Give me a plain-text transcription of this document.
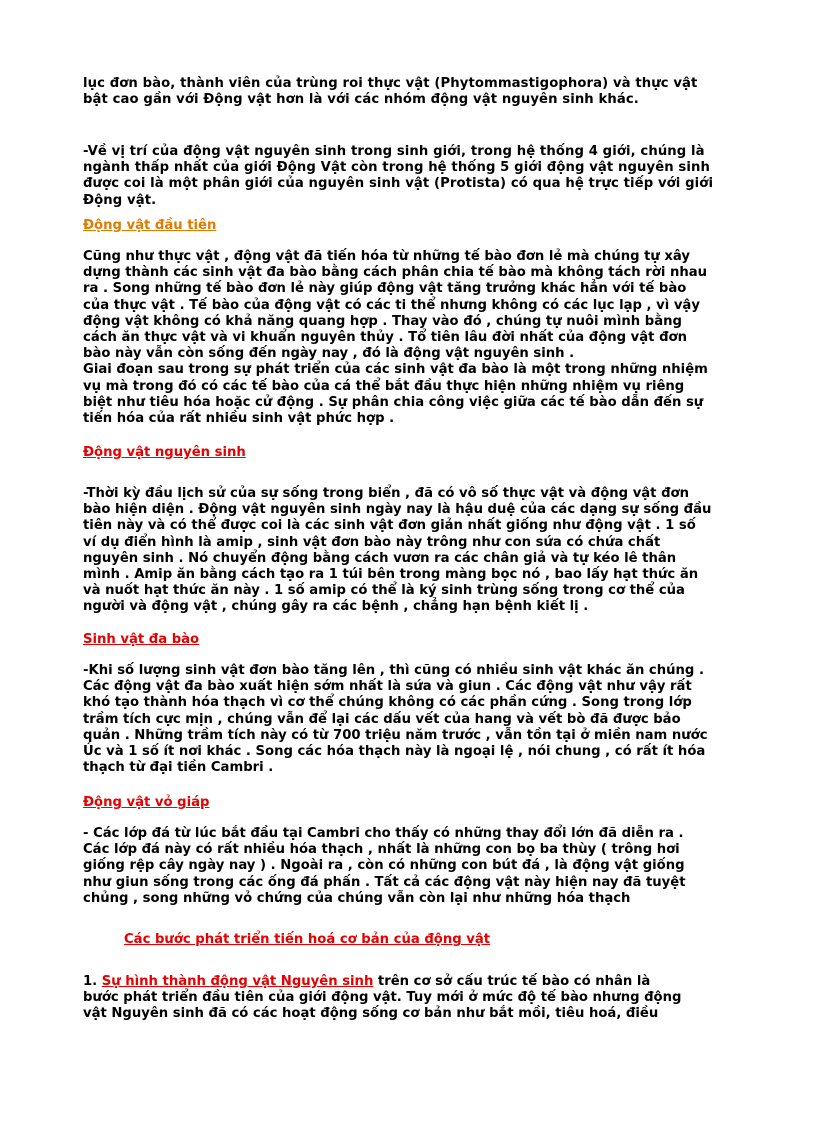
lục đơn bào, thành viên của trùng roi thực vật (Phytommastigophora) và thực vật
bật cao gần với Động vật hơn là với các nhóm động vật nguyên sinh khác.

-Về vị trí của động vật nguyên sinh trong sinh giới, trong hệ thống 4 giới, chúng là
ngành thấp nhất của giới Động Vật còn trong hệ thống 5 giới động vật nguyên sinh
được coi là một phân giới của nguyên sinh vật (Protista) có qua hệ trực tiếp với giới
Động vật.

Động vật đầu tiên

Cũng như thực vật , động vật đã tiến hóa từ những tế bào đơn lẻ mà chúng tự xây
dựng thành các sinh vật đa bào bằng cách phân chia tế bào mà không tách rời nhau
ra . Song những tế bào đơn lẻ này giúp động vật tăng trưởng khác hẳn với tế bào
của thực vật . Tế bào của động vật có các ti thể nhưng không có các lục lạp , vì vậy
động vật không có khả năng quang hợp . Thay vào đó , chúng tự nuôi mình bằng
cách ăn thực vật và vi khuẩn nguyên thủy . Tổ tiên lâu đời nhất của động vật đơn
bào này vẫn còn sống đến ngày nay , đó là động vật nguyên sinh .
Giai đoạn sau trong sự phát triển của các sinh vật đa bào là một trong những nhiệm
vụ mà trong đó có các tế bào của cá thể bắt đầu thực hiện những nhiệm vụ riêng
biệt như tiêu hóa hoặc cử động . Sự phân chia công việc giữa các tế bào dẫn đến sự
tiến hóa của rất nhiều sinh vật phức hợp .

Động vật nguyên sinh

-Thời kỳ đầu lịch sử của sự sống trong biển , đã có vô số thực vật và động vật đơn
bào hiện diện . Động vật nguyên sinh ngày nay là hậu duệ của các dạng sự sống đầu
tiên này và có thể được coi là các sinh vật đơn giản nhất giống như động vật . 1 số
ví dụ điển hình là amip , sinh vật đơn bào này trông như con sứa có chứa chất
nguyên sinh . Nó chuyển động bằng cách vươn ra các chân giả và tự kéo lê thân
mình . Amip ăn bằng cách tạo ra 1 túi bên trong màng bọc nó , bao lấy hạt thức ăn
và nuốt hạt thức ăn này . 1 số amip có thể là ký sinh trùng sống trong cơ thể của
người và động vật , chúng gây ra các bệnh , chẳng hạn bệnh kiết lị .

Sinh vật đa bào

-Khi số lượng sinh vật đơn bào tăng lên , thì cũng có nhiều sinh vật khác ăn chúng .
Các động vật đa bào xuất hiện sớm nhất là sứa và giun . Các động vật như vậy rất
khó tạo thành hóa thạch vì cơ thể chúng không có các phần cứng . Song trong lớp
trầm tích cực mịn , chúng vẫn để lại các dấu vết của hang và vết bò đã được bảo
quản . Những trầm tích này có từ 700 triệu năm trước , vẫn tồn tại ở miền nam nước
Úc và 1 số ít nơi khác . Song các hóa thạch này là ngoại lệ , nói chung , có rất ít hóa
thạch từ đại tiền Cambri .

Động vật vỏ giáp

- Các lớp đá từ lúc bắt đầu tại Cambri cho thấy có những thay đổi lớn đã diễn ra .
Các lớp đá này có rất nhiều hóa thạch , nhất là những con bọ ba thùy ( trông hơi
giống rệp cây ngày nay ) . Ngoài ra , còn có những con bút đá , là động vật giống
như giun sống trong các ống đá phấn . Tất cả các động vật này hiện nay đã tuyệt
chủng , song những vỏ chứng của chúng vẫn còn lại như những hóa thạch

Các bước phát triển tiến hoá cơ bản của động vật

1. Sự hình thành động vật Nguyên sinh trên cơ sở cấu trúc tế bào có nhân là
bước phát triển đầu tiên của giới động vật. Tuy mới ở mức độ tế bào nhưng động
vật Nguyên sinh đã có các hoạt động sống cơ bản như bắt mồi, tiêu hoá, điều
